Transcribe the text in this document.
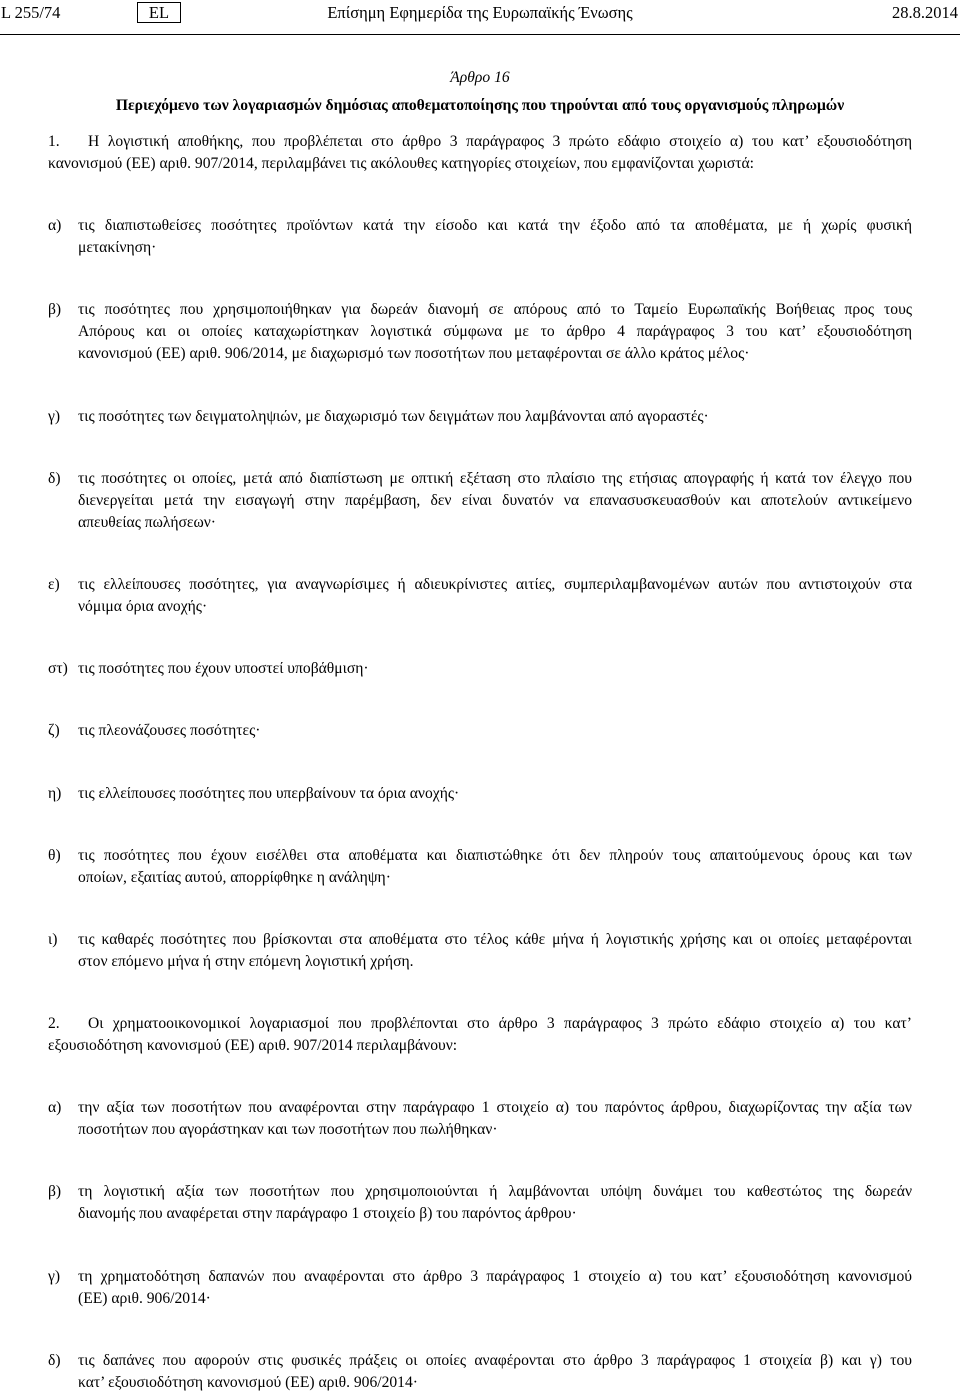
L 255/74	EL	Επίσημη Εφημερίδα της Ευρωπαϊκής Ένωσης	28.8.2014
Άρθρο 16
Περιεχόμενο των λογαριασμών δημόσιας αποθεματοποίησης που τηρούνται από τους οργανισμούς πληρωμών
1. Η λογιστική αποθήκης, που προβλέπεται στο άρθρο 3 παράγραφος 3 πρώτο εδάφιο στοιχείο α) του κατ’ εξουσιοδότηση
κανονισμού (ΕΕ) αριθ. 907/2014, περιλαμβάνει τις ακόλουθες κατηγορίες στοιχείων, που εμφανίζονται χωριστά:
α) τις διαπιστωθείσες ποσότητες προϊόντων κατά την είσοδο και κατά την έξοδο από τα αποθέματα, με ή χωρίς φυσική
μετακίνηση·
β) τις ποσότητες που χρησιμοποιήθηκαν για δωρεάν διανομή σε απόρους από το Ταμείο Ευρωπαϊκής Βοήθειας προς τους
Απόρους και οι οποίες καταχωρίστηκαν λογιστικά σύμφωνα με το άρθρο 4 παράγραφος 3 του κατ’ εξουσιοδότηση
κανονισμού (ΕΕ) αριθ. 906/2014, με διαχωρισμό των ποσοτήτων που μεταφέρονται σε άλλο κράτος μέλος·
γ) τις ποσότητες των δειγματοληψιών, με διαχωρισμό των δειγμάτων που λαμβάνονται από αγοραστές·
δ) τις ποσότητες οι οποίες, μετά από διαπίστωση με οπτική εξέταση στο πλαίσιο της ετήσιας απογραφής ή κατά τον έλεγχο που
διενεργείται μετά την εισαγωγή στην παρέμβαση, δεν είναι δυνατόν να επανασυσκευασθούν και αποτελούν αντικείμενο
απευθείας πωλήσεων·
ε) τις ελλείπουσες ποσότητες, για αναγνωρίσιμες ή αδιευκρίνιστες αιτίες, συμπεριλαμβανομένων αυτών που αντιστοιχούν στα
νόμιμα όρια ανοχής·
στ) τις ποσότητες που έχουν υποστεί υποβάθμιση·
ζ) τις πλεονάζουσες ποσότητες·
η) τις ελλείπουσες ποσότητες που υπερβαίνουν τα όρια ανοχής·
θ) τις ποσότητες που έχουν εισέλθει στα αποθέματα και διαπιστώθηκε ότι δεν πληρούν τους απαιτούμενους όρους και των
οποίων, εξαιτίας αυτού, απορρίφθηκε η ανάληψη·
ι) τις καθαρές ποσότητες που βρίσκονται στα αποθέματα στο τέλος κάθε μήνα ή λογιστικής χρήσης και οι οποίες μεταφέρονται
στον επόμενο μήνα ή στην επόμενη λογιστική χρήση.
2. Οι χρηματοοικονομικοί λογαριασμοί που προβλέπονται στο άρθρο 3 παράγραφος 3 πρώτο εδάφιο στοιχείο α) του κατ’
εξουσιοδότηση κανονισμού (ΕΕ) αριθ. 907/2014 περιλαμβάνουν:
α) την αξία των ποσοτήτων που αναφέρονται στην παράγραφο 1 στοιχείο α) του παρόντος άρθρου, διαχωρίζοντας την αξία των
ποσοτήτων που αγοράστηκαν και των ποσοτήτων που πωλήθηκαν·
β) τη λογιστική αξία των ποσοτήτων που χρησιμοποιούνται ή λαμβάνονται υπόψη δυνάμει του καθεστώτος της δωρεάν
διανομής που αναφέρεται στην παράγραφο 1 στοιχείο β) του παρόντος άρθρου·
γ) τη χρηματοδότηση δαπανών που αναφέρονται στο άρθρο 3 παράγραφος 1 στοιχείο α) του κατ’ εξουσιοδότηση κανονισμού
(ΕΕ) αριθ. 906/2014·
δ) τις δαπάνες που αφορούν στις φυσικές πράξεις οι οποίες αναφέρονται στο άρθρο 3 παράγραφος 1 στοιχεία β) και γ) του
κατ’ εξουσιοδότηση κανονισμού (ΕΕ) αριθ. 906/2014·
